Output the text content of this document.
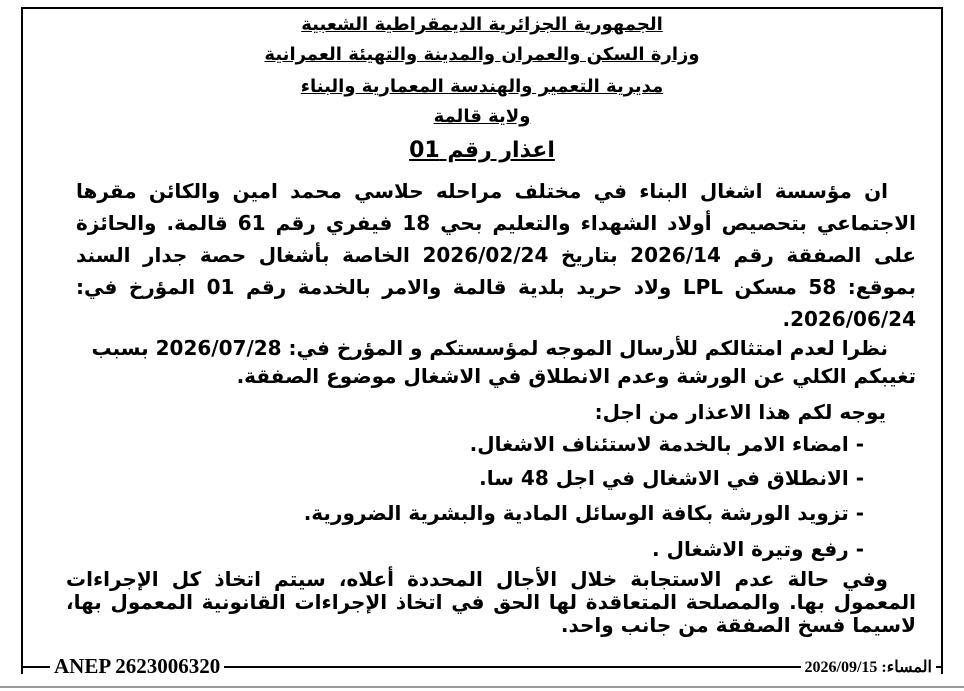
الجمهورية الجزائرية الديمقراطية الشعبية
وزارة السكن والعمران والمدينة والتهيئة العمرانية
مديرية التعمير والهندسة المعمارية والبناء
ولاية قالمة
اعذار رقم 01
ان مؤسسة اشغال البناء في مختلف مراحله حلاسي محمد امين والكائن مقرها الاجتماعي بتحصيص أولاد الشهداء والتعليم بحي 18 فيفري رقم 61 قالمة. والحائزة على الصفقة رقم 2026/14 بتاريخ 2026/02/24 الخاصة بأشغال حصة جدار السند بموقع: 58 مسكن LPL ولاد حريد بلدية قالمة والامر بالخدمة رقم 01 المؤرخ في: 2026/06/24.
نظرا لعدم امتثالكم للأرسال الموجه لمؤسستكم و المؤرخ في: 2026/07/28 بسبب تغيبكم الكلي عن الورشة وعدم الانطلاق في الاشغال موضوع الصفقة.
يوجه لكم هذا الاعذار من اجل:
- امضاء الامر بالخدمة لاستئناف الاشغال.
- الانطلاق في الاشغال في اجل 48 سا.
- تزويد الورشة بكافة الوسائل المادية والبشرية الضرورية.
- رفع وتيرة الاشغال .
وفي حالة عدم الاستجابة خلال الأجال المحددة أعلاه، سيتم اتخاذ كل الإجراءات المعمول بها. والمصلحة المتعاقدة لها الحق في اتخاذ الإجراءات القانونية المعمول بها، لاسيما فسخ الصفقة من جانب واحد.
ANEP 2623006320	المساء: 2026/09/15
